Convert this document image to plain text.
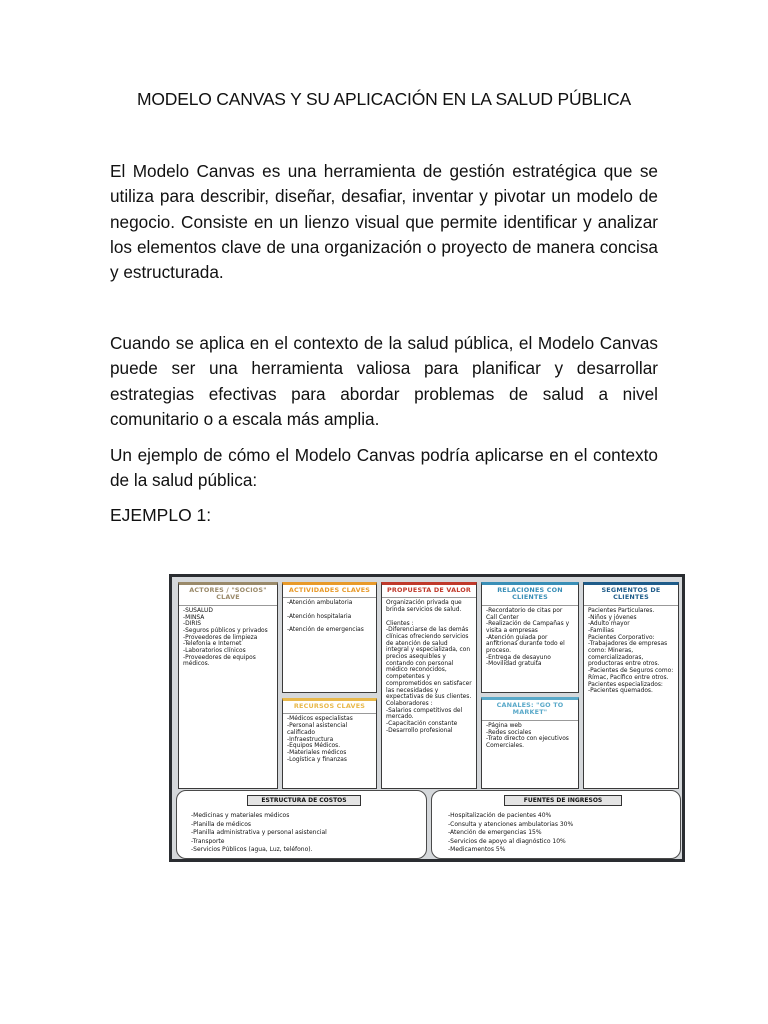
MODELO CANVAS Y SU APLICACIÓN EN LA SALUD PÚBLICA

El Modelo Canvas es una herramienta de gestión estratégica que se utiliza para describir, diseñar, desafiar, inventar y pivotar un modelo de negocio. Consiste en un lienzo visual que permite identificar y analizar los elementos clave de una organización o proyecto de manera concisa y estructurada.

Cuando se aplica en el contexto de la salud pública, el Modelo Canvas puede ser una herramienta valiosa para planificar y desarrollar estrategias efectivas para abordar problemas de salud a nivel comunitario o a escala más amplia.

Un ejemplo de cómo el Modelo Canvas podría aplicarse en el contexto de la salud pública:

EJEMPLO 1:
ACTORES / "SOCIOS" CLAVE
-SUSALUD
-MINSA
-DIRIS
-Seguros públicos y privados
-Proveedores de limpieza
-Telefonía e Internet
-Laboratorios clínicos
-Proveedores de equipos médicos.
ACTIVIDADES CLAVES
-Atención ambulatoria

-Atención hospitalaria

-Atención de emergencias
RECURSOS CLAVES
-Médicos especialistas
-Personal asistencial calificado
-Infraestructura
-Equipos Médicos.
-Materiales médicos
-Logística y finanzas
PROPUESTA DE VALOR
Organización privada que brinda servicios de salud.

Clientes :
-Diferenciarse de las demás clínicas ofreciendo servicios de atención de salud integral y especializada, con precios asequibles y contando con personal médico reconocidos, competentes y comprometidos en satisfacer las necesidades y expectativas de sus clientes.
Colaboradores :
-Salarios competitivos del mercado.
-Capacitación constante
-Desarrollo profesional
RELACIONES CON CLIENTES
-Recordatorio de citas por Call Center
-Realización de Campañas y visita a empresas
-Atención guiada por anfitrionas durante todo el proceso.
-Entrega de desayuno
-Movilidad gratuita
CANALES: "GO TO MARKET"
-Página web
-Redes sociales
-Trato directo con ejecutivos Comerciales.
SEGMENTOS DE CLIENTES
Pacientes Particulares.
-Niños y jóvenes
-Adulto mayor
-Familias
Pacientes Corporativo:
-Trabajadores de empresas como: Mineras, comercializadoras, productoras entre otros.
-Pacientes de Seguros como: Rímac, Pacífico entre otros.
Pacientes especializados:
-Pacientes quemados.
ESTRUCTURA DE COSTOS
-Medicinas y materiales médicos
-Planilla de médicos
-Planilla administrativa y personal asistencial
-Transporte
-Servicios Públicos (agua, Luz, teléfono).
FUENTES DE INGRESOS
-Hospitalización de pacientes 40%
-Consulta y atenciones ambulatorias 30%
-Atención de emergencias 15%
-Servicios de apoyo al diagnóstico 10%
-Medicamentos 5%
